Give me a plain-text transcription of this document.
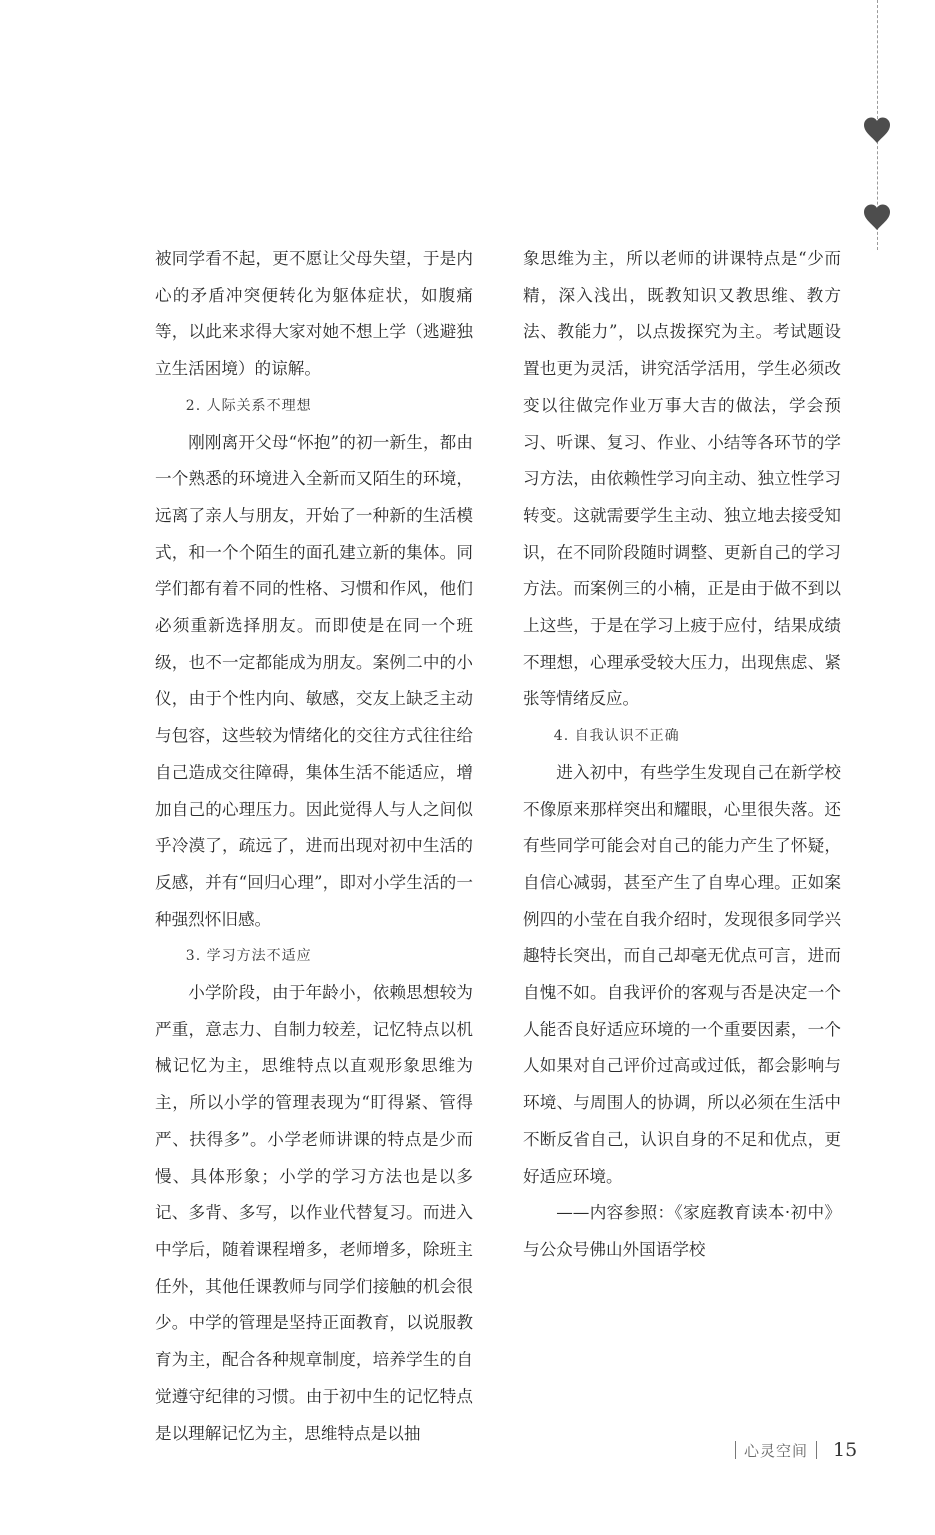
被同学看不起，更不愿让父母失望，于是内心的矛盾冲突便转化为躯体症状，如腹痛等，以此来求得大家对她不想上学（逃避独立生活困境）的谅解。

2. 人际关系不理想

刚刚离开父母“怀抱”的初一新生，都由一个熟悉的环境进入全新而又陌生的环境，远离了亲人与朋友，开始了一种新的生活模式，和一个个陌生的面孔建立新的集体。同学们都有着不同的性格、习惯和作风，他们必须重新选择朋友。而即使是在同一个班级，也不一定都能成为朋友。案例二中的小仪，由于个性内向、敏感，交友上缺乏主动与包容，这些较为情绪化的交往方式往往给自己造成交往障碍，集体生活不能适应，增加自己的心理压力。因此觉得人与人之间似乎冷漠了，疏远了，进而出现对初中生活的反感，并有“回归心理”，即对小学生活的一种强烈怀旧感。

3. 学习方法不适应

小学阶段，由于年龄小，依赖思想较为严重，意志力、自制力较差，记忆特点以机械记忆为主，思维特点以直观形象思维为主，所以小学的管理表现为“盯得紧、管得严、扶得多”。小学老师讲课的特点是少而慢、具体形象；小学的学习方法也是以多记、多背、多写，以作业代替复习。而进入中学后，随着课程增多，老师增多，除班主任外，其他任课教师与同学们接触的机会很少。中学的管理是坚持正面教育，以说服教育为主，配合各种规章制度，培养学生的自觉遵守纪律的习惯。由于初中生的记忆特点是以理解记忆为主，思维特点是以抽

象思维为主，所以老师的讲课特点是“少而精，深入浅出，既教知识又教思维、教方法、教能力”，以点拨探究为主。考试题设置也更为灵活，讲究活学活用，学生必须改变以往做完作业万事大吉的做法，学会预习、听课、复习、作业、小结等各环节的学习方法，由依赖性学习向主动、独立性学习转变。这就需要学生主动、独立地去接受知识，在不同阶段随时调整、更新自己的学习方法。而案例三的小楠，正是由于做不到以上这些，于是在学习上疲于应付，结果成绩不理想，心理承受较大压力，出现焦虑、紧张等情绪反应。

4. 自我认识不正确

进入初中，有些学生发现自己在新学校不像原来那样突出和耀眼，心里很失落。还有些同学可能会对自己的能力产生了怀疑，自信心减弱，甚至产生了自卑心理。正如案例四的小莹在自我介绍时，发现很多同学兴趣特长突出，而自己却毫无优点可言，进而自愧不如。自我评价的客观与否是决定一个人能否良好适应环境的一个重要因素，一个人如果对自己评价过高或过低，都会影响与环境、与周围人的协调，所以必须在生活中不断反省自己，认识自身的不足和优点，更好适应环境。

——内容参照：《家庭教育读本·初中》与公众号佛山外国语学校

心灵空间 15
